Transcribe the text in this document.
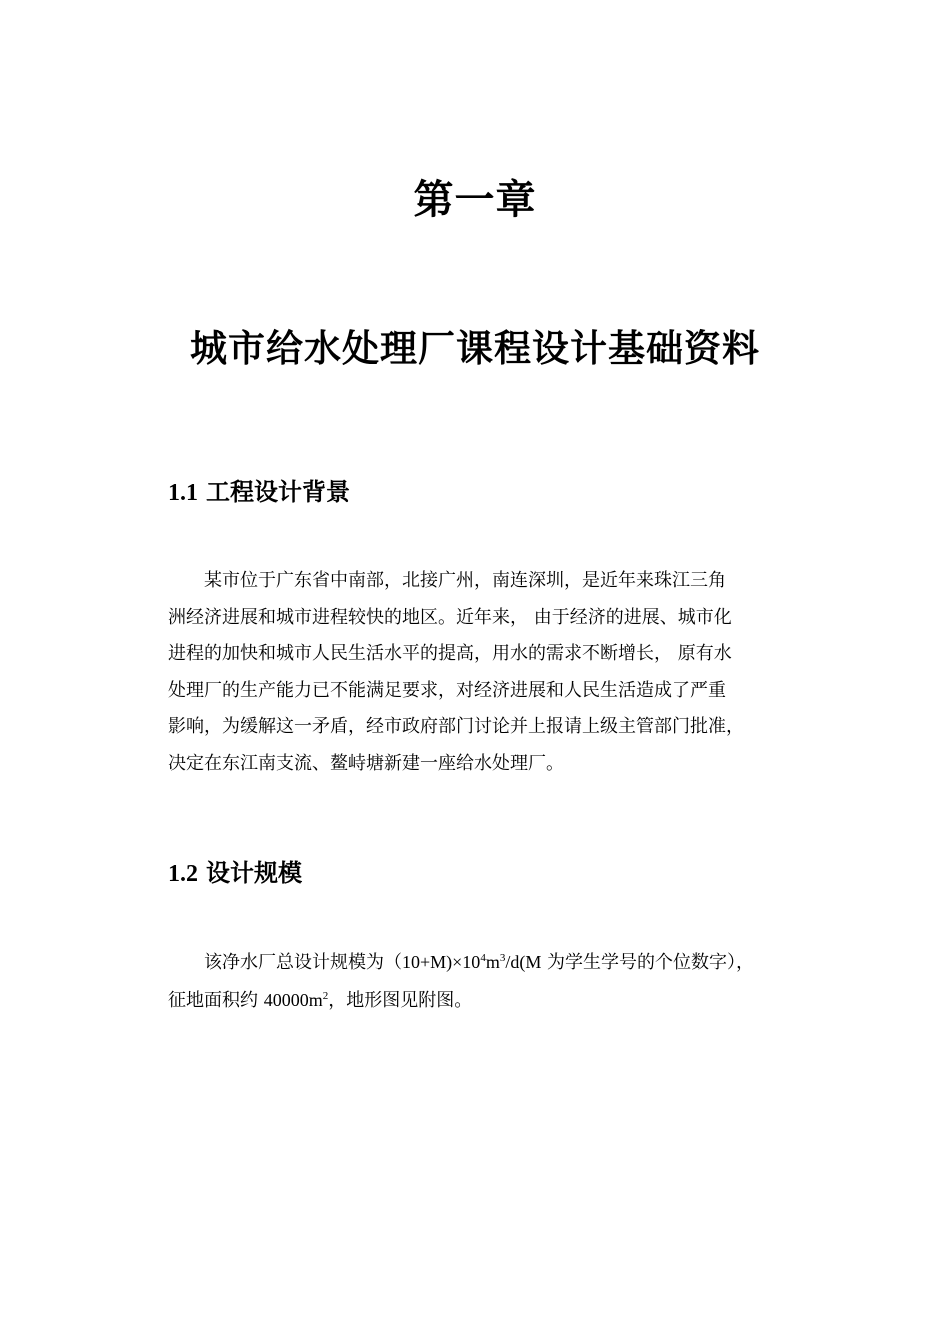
第一章
城市给水处理厂课程设计基础资料
1.1 工程设计背景
某市位于广东省中南部，北接广州，南连深圳，是近年来珠江三角
洲经济进展和城市进程较快的地区。近年来， 由于经济的进展、城市化
进程的加快和城市人民生活水平的提高，用水的需求不断增长， 原有水
处理厂的生产能力已不能满足要求，对经济进展和人民生活造成了严重
影响，为缓解这一矛盾，经市政府部门讨论并上报请上级主管部门批准，
决定在东江南支流、鳌峙塘新建一座给水处理厂。
1.2 设计规模
该净水厂总设计规模为$(10+M)\times 10^4m^3/d(M$ 为学生学号的个位数字），
征地面积约 $40000m^2$，地形图见附图。
